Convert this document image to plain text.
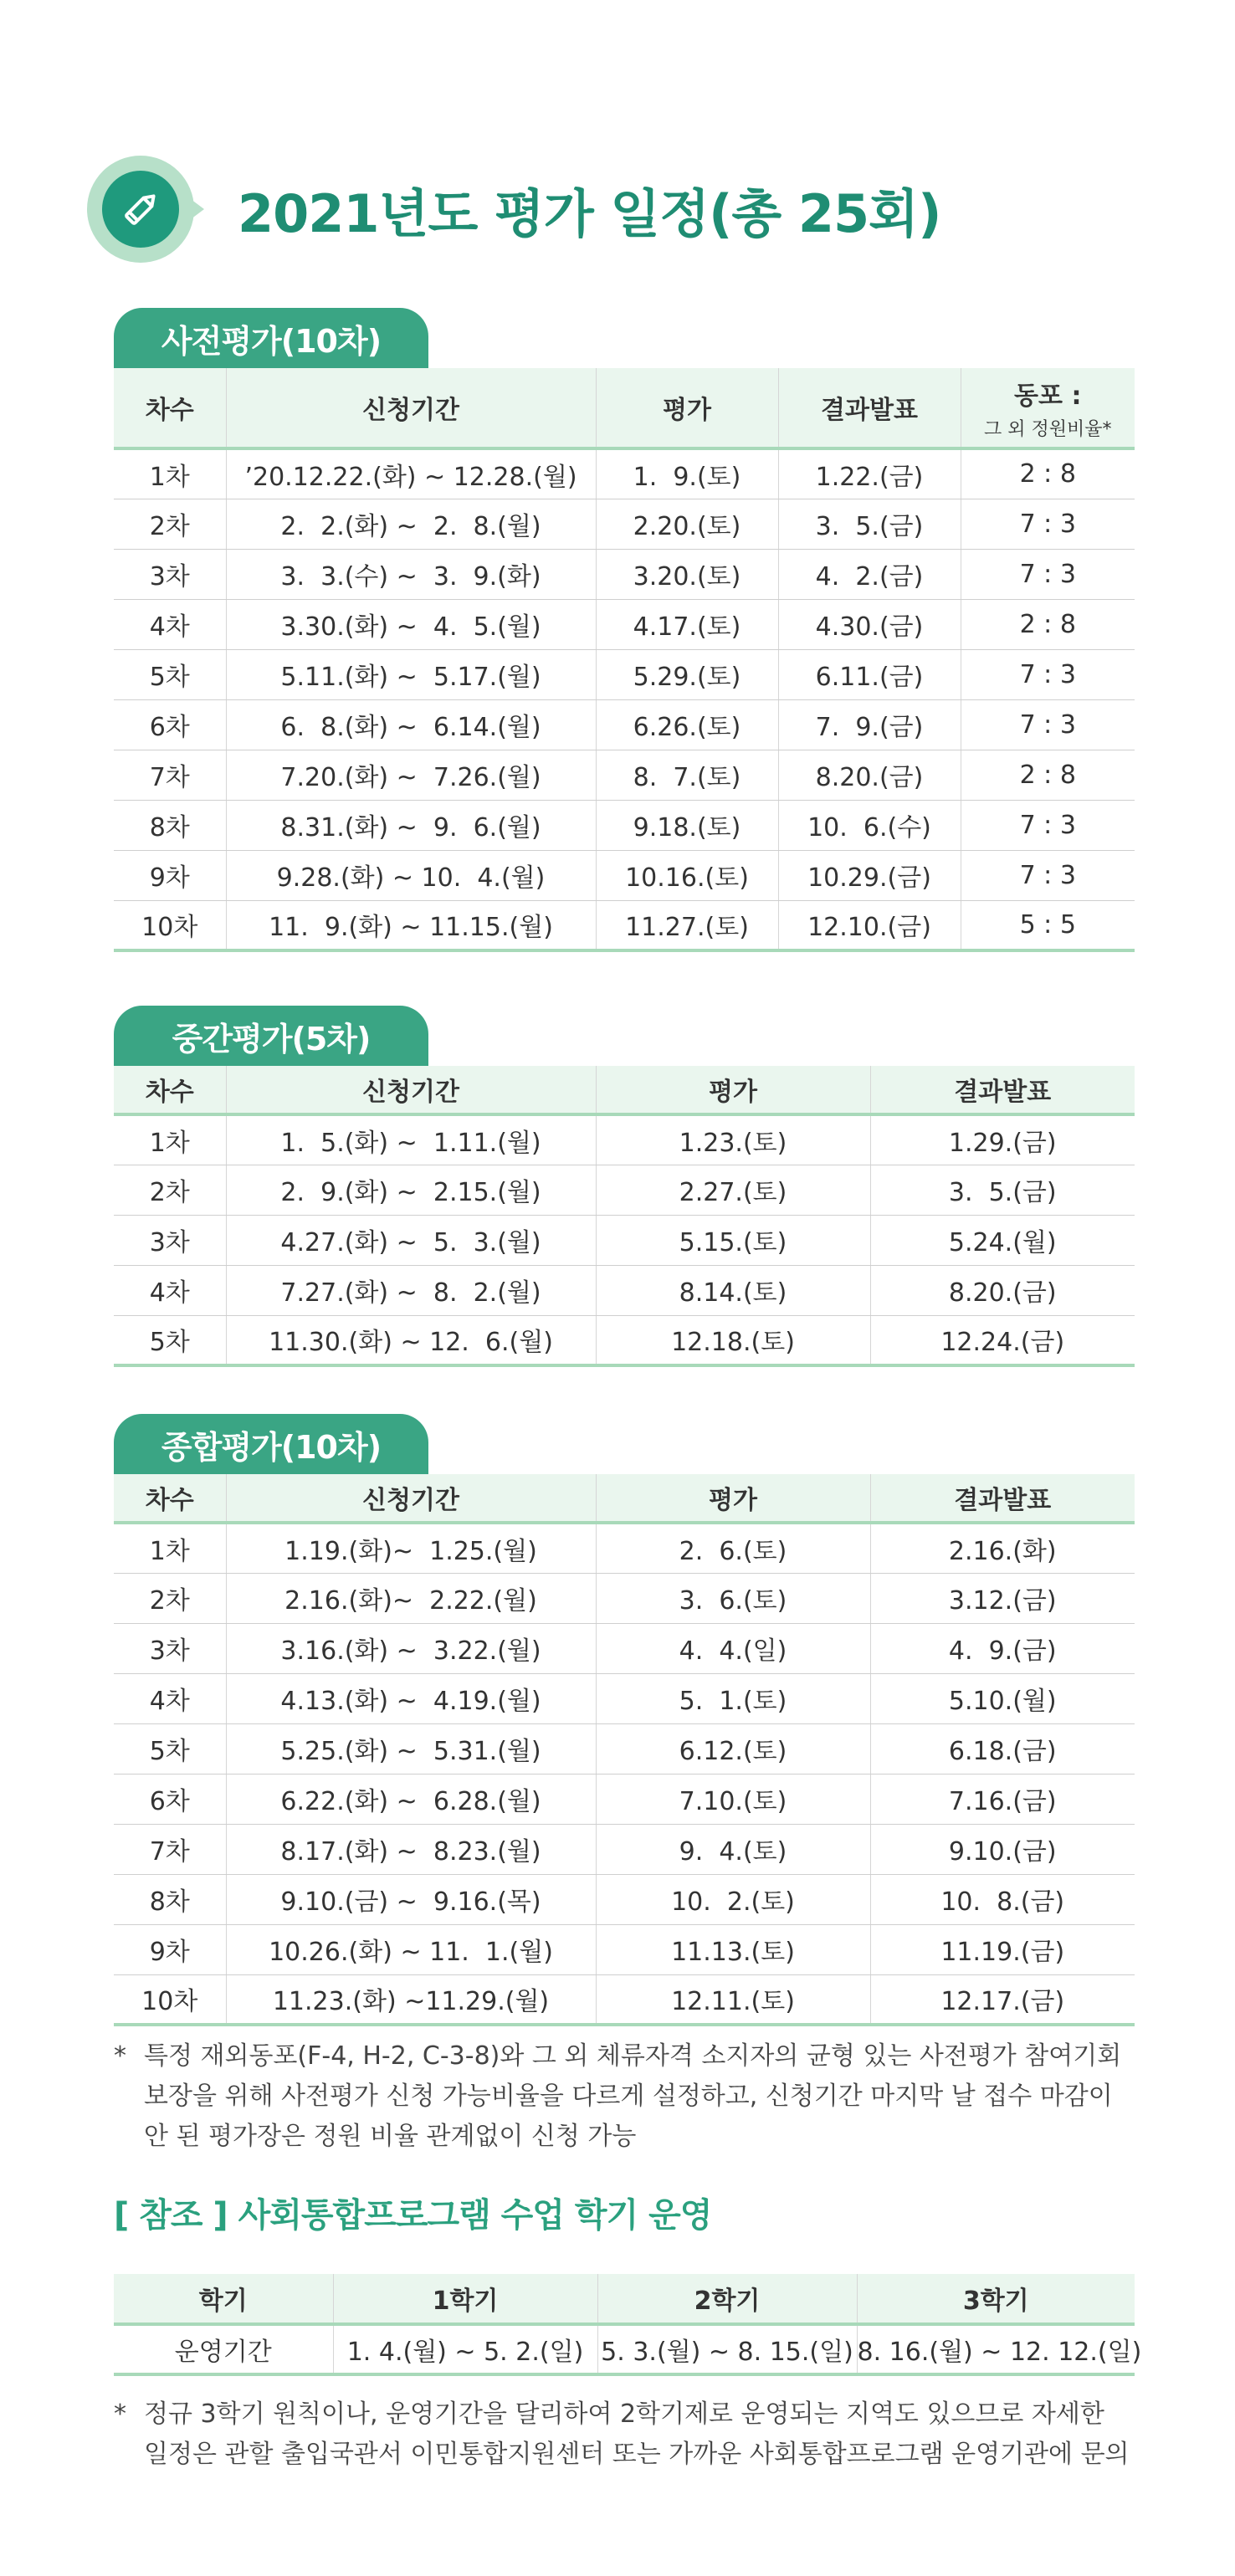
2021년도 평가 일정(총 25회)
사전평가(10차)
차수	신청기간	평가	결과발표	동포 :
그 외 정원비율*

1차	’20.12.22.(화) ~ 12.28.(월)	1.  9.(토)	1.22.(금)	2 : 8
2차	2.  2.(화) ~  2.  8.(월)	2.20.(토)	3.  5.(금)	7 : 3
3차	3.  3.(수) ~  3.  9.(화)	3.20.(토)	4.  2.(금)	7 : 3
4차	3.30.(화) ~  4.  5.(월)	4.17.(토)	4.30.(금)	2 : 8
5차	5.11.(화) ~  5.17.(월)	5.29.(토)	6.11.(금)	7 : 3
6차	6.  8.(화) ~  6.14.(월)	6.26.(토)	7.  9.(금)	7 : 3
7차	7.20.(화) ~  7.26.(월)	8.  7.(토)	8.20.(금)	2 : 8
8차	8.31.(화) ~  9.  6.(월)	9.18.(토)	10.  6.(수)	7 : 3
9차	9.28.(화) ~ 10.  4.(월)	10.16.(토)	10.29.(금)	7 : 3
10차	11.  9.(화) ~ 11.15.(월)	11.27.(토)	12.10.(금)	5 : 5
중간평가(5차)
차수	신청기간	평가	결과발표
1차	1.  5.(화) ~  1.11.(월)	1.23.(토)	1.29.(금)
2차	2.  9.(화) ~  2.15.(월)	2.27.(토)	3.  5.(금)
3차	4.27.(화) ~  5.  3.(월)	5.15.(토)	5.24.(월)
4차	7.27.(화) ~  8.  2.(월)	8.14.(토)	8.20.(금)
5차	11.30.(화) ~ 12.  6.(월)	12.18.(토)	12.24.(금)
종합평가(10차)
차수	신청기간	평가	결과발표
1차	1.19.(화)~  1.25.(월)	2.  6.(토)	2.16.(화)
2차	2.16.(화)~  2.22.(월)	3.  6.(토)	3.12.(금)
3차	3.16.(화) ~  3.22.(월)	4.  4.(일)	4.  9.(금)
4차	4.13.(화) ~  4.19.(월)	5.  1.(토)	5.10.(월)
5차	5.25.(화) ~  5.31.(월)	6.12.(토)	6.18.(금)
6차	6.22.(화) ~  6.28.(월)	7.10.(토)	7.16.(금)
7차	8.17.(화) ~  8.23.(월)	9.  4.(토)	9.10.(금)
8차	9.10.(금) ~  9.16.(목)	10.  2.(토)	10.  8.(금)
9차	10.26.(화) ~ 11.  1.(월)	11.13.(토)	11.19.(금)
10차	11.23.(화) ~11.29.(월)	12.11.(토)	12.17.(금)
* 특정 재외동포(F-4, H-2, C-3-8)와 그 외 체류자격 소지자의 균형 있는 사전평가 참여기회
보장을 위해 사전평가 신청 가능비율을 다르게 설정하고, 신청기간 마지막 날 접수 마감이
안 된 평가장은 정원 비율 관계없이 신청 가능
[ 참조 ] 사회통합프로그램 수업 학기 운영
학기	1학기	2학기	3학기
운영기간	1. 4.(월) ~ 5. 2.(일)	5. 3.(월) ~ 8. 15.(일)	8. 16.(월) ~ 12. 12.(일)
* 정규 3학기 원칙이나, 운영기간을 달리하여 2학기제로 운영되는 지역도 있으므로 자세한
일정은 관할 출입국관서 이민통합지원센터 또는 가까운 사회통합프로그램 운영기관에 문의
